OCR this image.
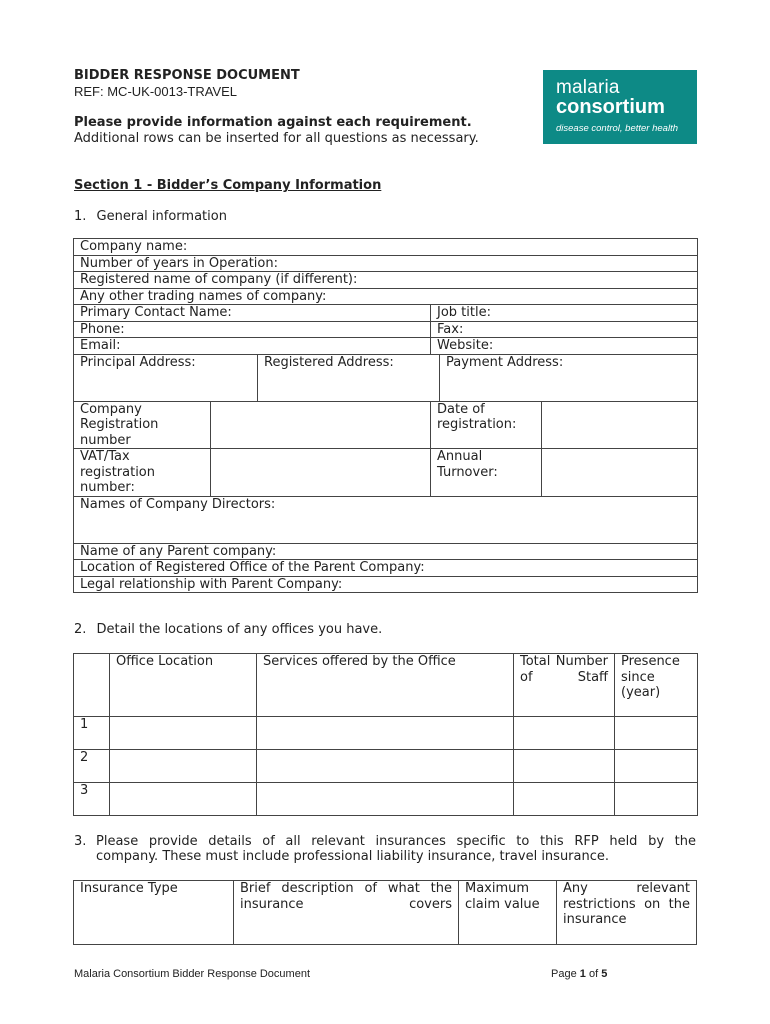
BIDDER RESPONSE DOCUMENT
REF: MC-UK-0013-TRAVEL
Please provide information against each requirement.
Additional rows can be inserted for all questions as necessary.
malaria
consortium
disease control, better health
Section 1 - Bidder’s Company Information
1. General information
Company name:					
Number of years in Operation:					
Registered name of company (if different):					
Any other trading names of company:					
Primary Contact Name:			Job title:		
Phone:			Fax:		
Email:			Website:		
Principal Address:		Registered Address:		Payment Address:	
Company Registration number			Date of registration:		
VAT/Tax registration number:			Annual Turnover:		
Names of Company Directors:					
Name of any Parent company:					
Location of Registered Office of the Parent Company:					
Legal relationship with Parent Company:					
2. Detail the locations of any offices you have.
	Office Location	Services offered by the Office	Total Number of Staff	Presence since (year)
1				
2				
3				
3. Please provide details of all relevant insurances specific to this RFP held by the
company. These must include professional liability insurance, travel insurance.
Insurance Type	Brief description of what the insurance covers	Maximum claim value	Any relevant restrictions on the insurance
Malaria Consortium Bidder Response Document	Page 1 of 5
